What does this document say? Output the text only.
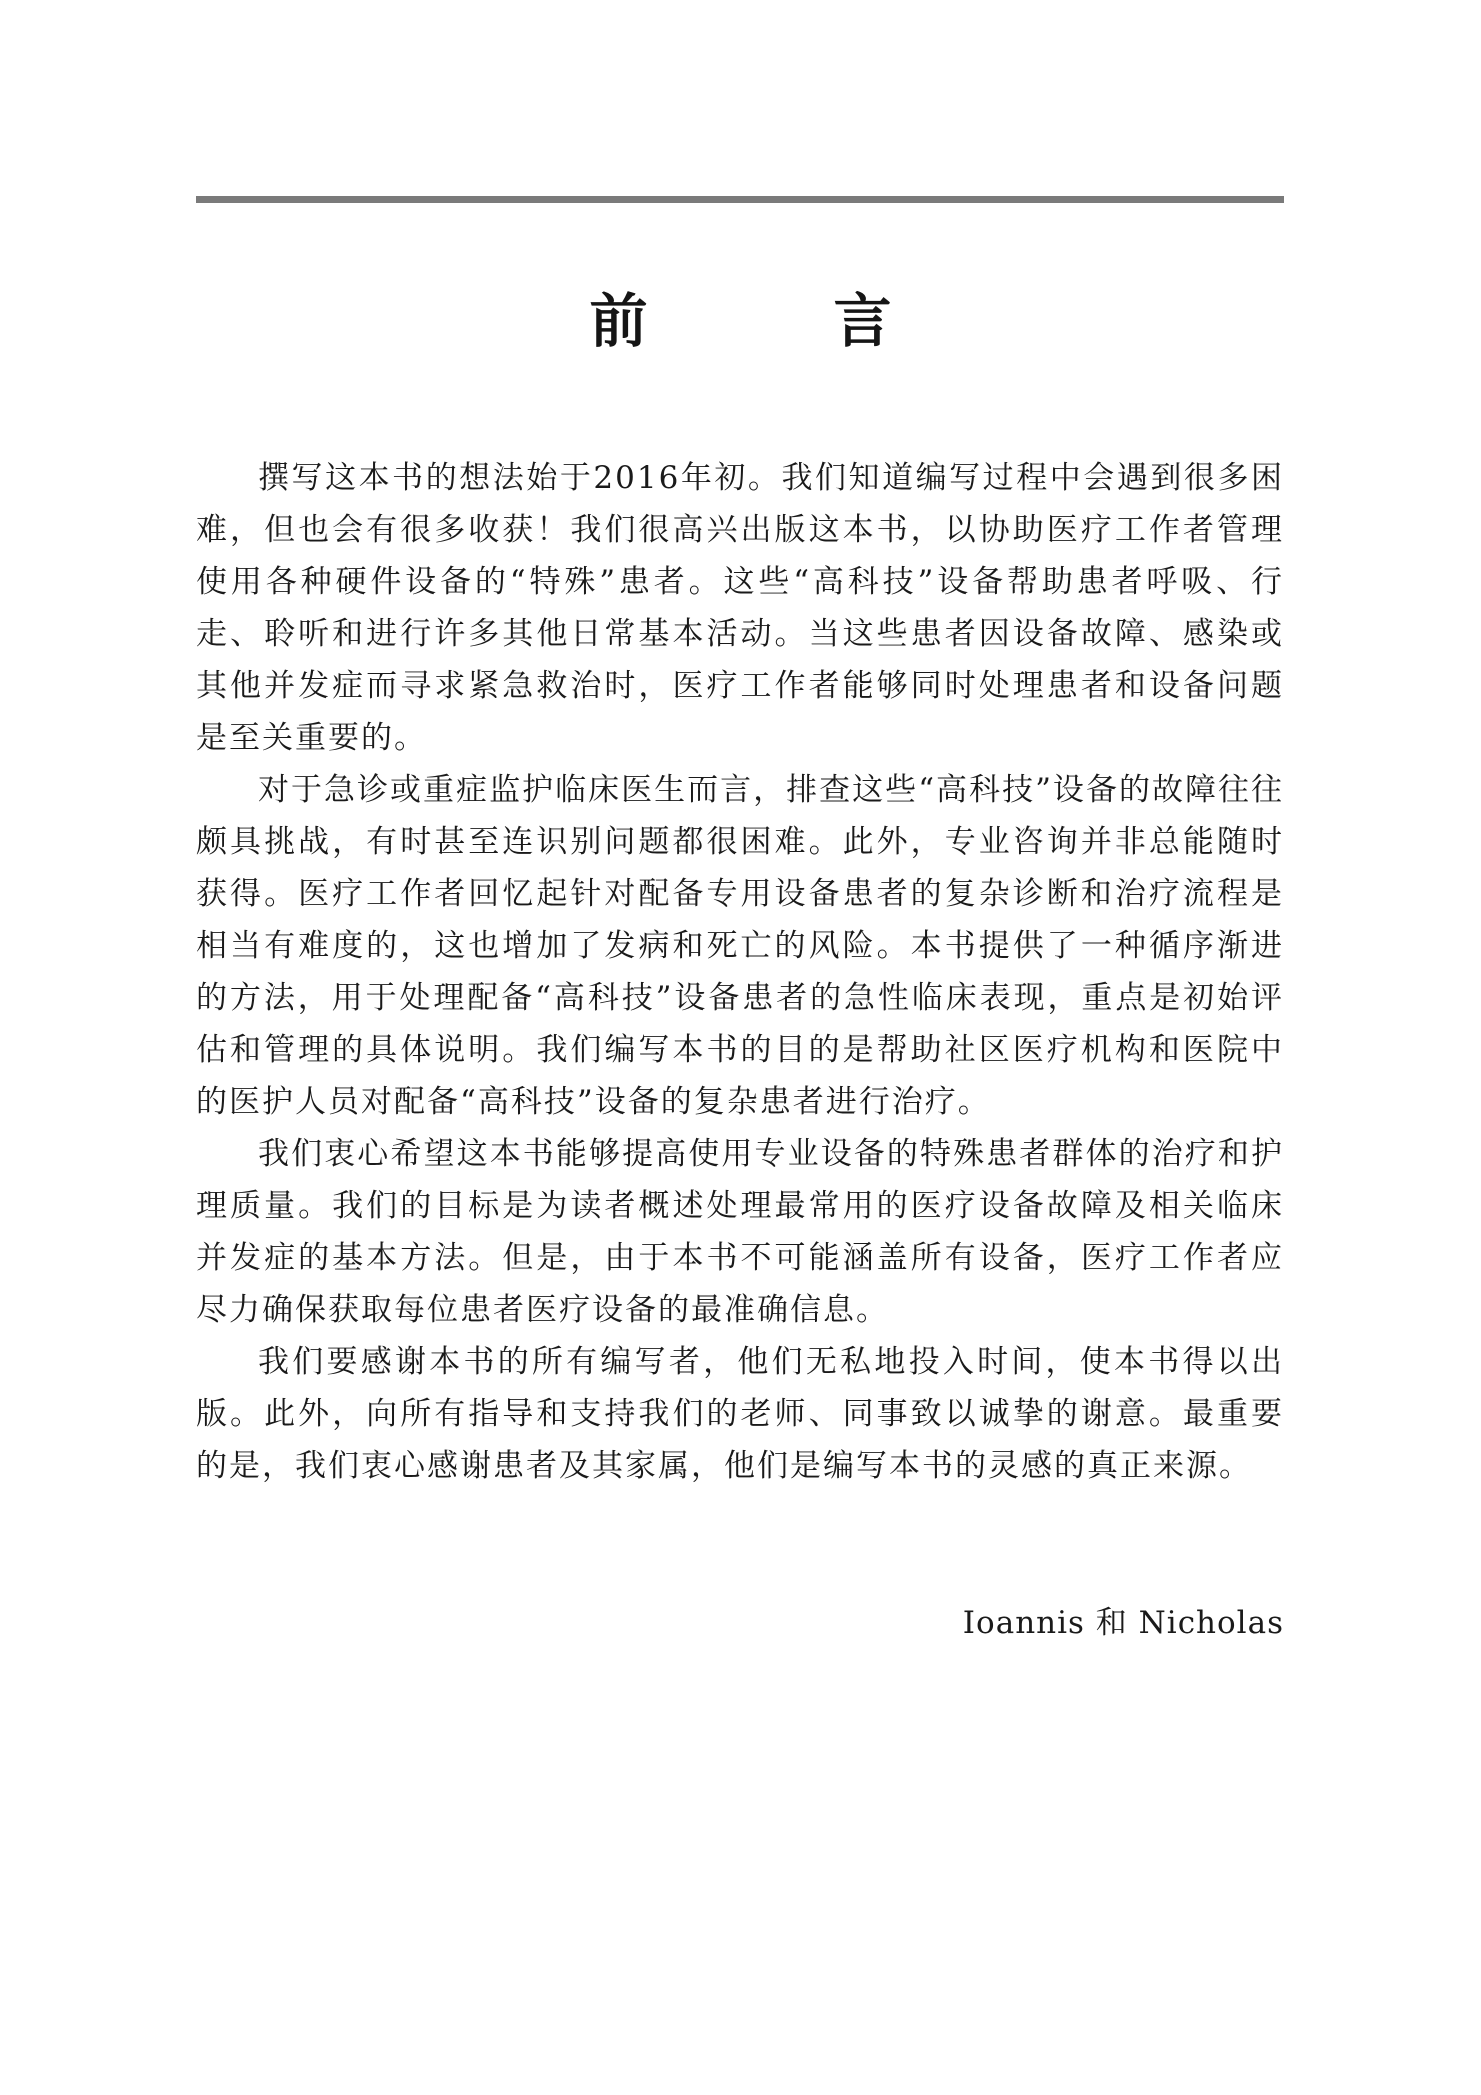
前　言

撰写这本书的想法始于2016年初。我们知道编写过程中会遇到很多困难，但也会有很多收获！我们很高兴出版这本书，以协助医疗工作者管理使用各种硬件设备的“特殊”患者。这些“高科技”设备帮助患者呼吸、行走、聆听和进行许多其他日常基本活动。当这些患者因设备故障、感染或其他并发症而寻求紧急救治时，医疗工作者能够同时处理患者和设备问题是至关重要的。

对于急诊或重症监护临床医生而言，排查这些“高科技”设备的故障往往颇具挑战，有时甚至连识别问题都很困难。此外，专业咨询并非总能随时获得。医疗工作者回忆起针对配备专用设备患者的复杂诊断和治疗流程是相当有难度的，这也增加了发病和死亡的风险。本书提供了一种循序渐进的方法，用于处理配备“高科技”设备患者的急性临床表现，重点是初始评估和管理的具体说明。我们编写本书的目的是帮助社区医疗机构和医院中的医护人员对配备“高科技”设备的复杂患者进行治疗。

我们衷心希望这本书能够提高使用专业设备的特殊患者群体的治疗和护理质量。我们的目标是为读者概述处理最常用的医疗设备故障及相关临床并发症的基本方法。但是，由于本书不可能涵盖所有设备，医疗工作者应尽力确保获取每位患者医疗设备的最准确信息。

我们要感谢本书的所有编写者，他们无私地投入时间，使本书得以出版。此外，向所有指导和支持我们的老师、同事致以诚挚的谢意。最重要的是，我们衷心感谢患者及其家属，他们是编写本书的灵感的真正来源。

Ioannis 和 Nicholas
